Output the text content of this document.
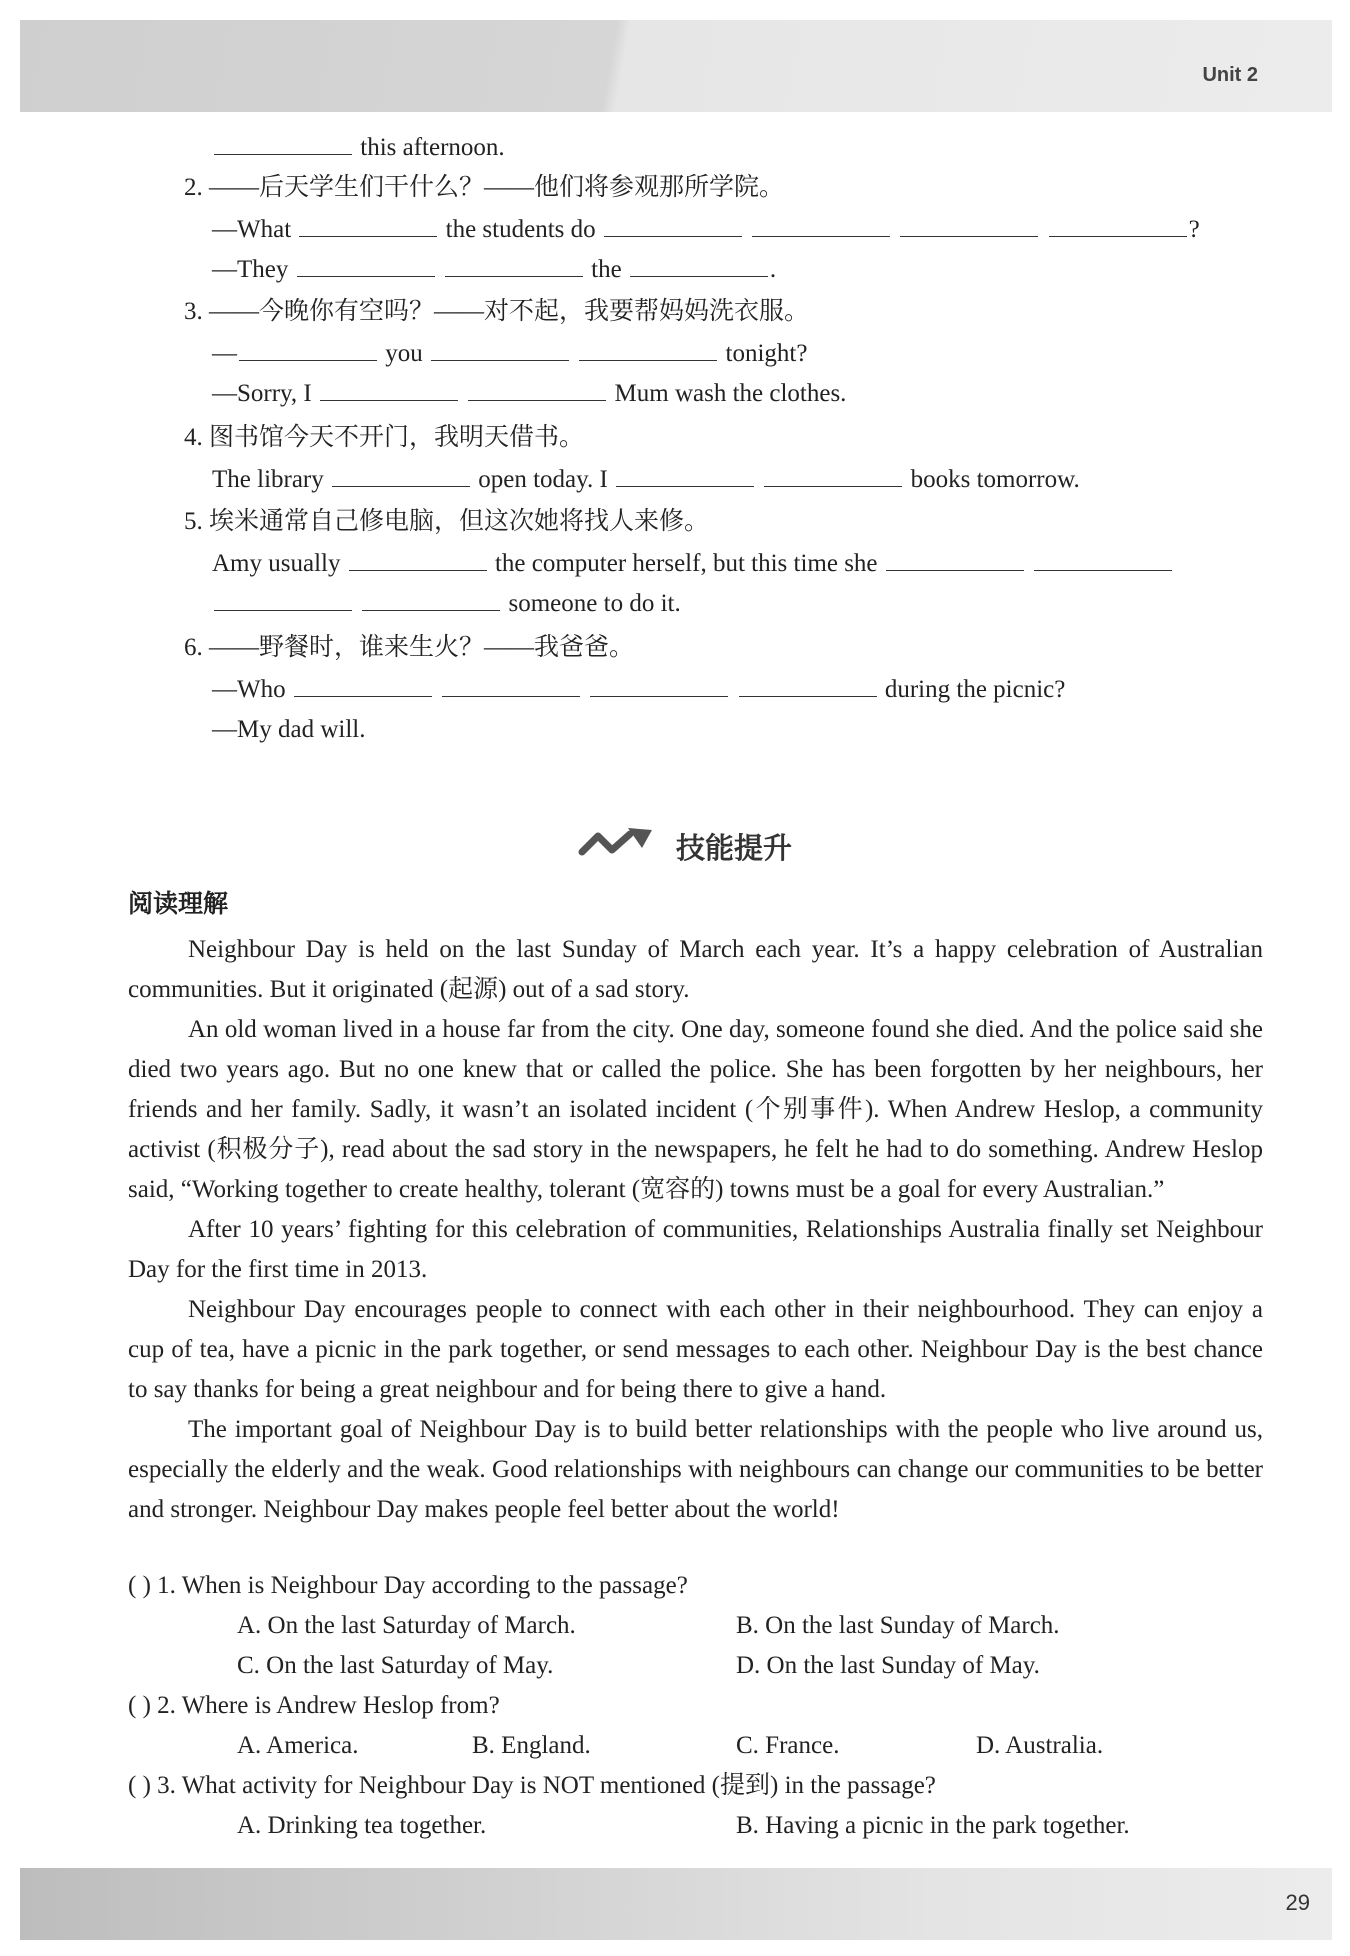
Unit 2
this afternoon.
2. ——后天学生们干什么？——他们将参观那所学院。
—What	the students do	?
—They	the	.
3. ——今晚你有空吗？——对不起，我要帮妈妈洗衣服。
—	you	tonight?
—Sorry, I	Mum wash the clothes.
4. 图书馆今天不开门，我明天借书。
The library	open today. I	books tomorrow.
5. 埃米通常自己修电脑，但这次她将找人来修。
Amy usually	the computer herself, but this time she
someone to do it.
6. ——野餐时，谁来生火？——我爸爸。
—Who	during the picnic?
—My dad will.
技能提升
阅读理解

Neighbour Day is held on the last Sunday of March each year. It’s a happy celebration of Australian communities. But it originated (起源) out of a sad story.

An old woman lived in a house far from the city. One day, someone found she died. And the police said she died two years ago. But no one knew that or called the police. She has been forgotten by her neighbours, her friends and her family. Sadly, it wasn’t an isolated incident (个别事件). When Andrew Heslop, a community activist (积极分子), read about the sad story in the newspapers, he felt he had to do something. Andrew Heslop said, “Working together to create healthy, tolerant (宽容的) towns must be a goal for every Australian.”

After 10 years’ fighting for this celebration of communities, Relationships Australia finally set Neighbour Day for the first time in 2013.

Neighbour Day encourages people to connect with each other in their neighbourhood. They can enjoy a cup of tea, have a picnic in the park together, or send messages to each other. Neighbour Day is the best chance to say thanks for being a great neighbour and for being there to give a hand.

The important goal of Neighbour Day is to build better relationships with the people who live around us, especially the elderly and the weak. Good relationships with neighbours can change our communities to be better and stronger. Neighbour Day makes people feel better about the world!

( ) 1. When is Neighbour Day according to the passage?
A. On the last Saturday of March.	B. On the last Sunday of March.
C. On the last Saturday of May.	D. On the last Sunday of May.
( ) 2. Where is Andrew Heslop from?
A. America.	B. England.	C. France.	D. Australia.
( ) 3. What activity for Neighbour Day is NOT mentioned (提到) in the passage?
A. Drinking tea together.	B. Having a picnic in the park together.
29
